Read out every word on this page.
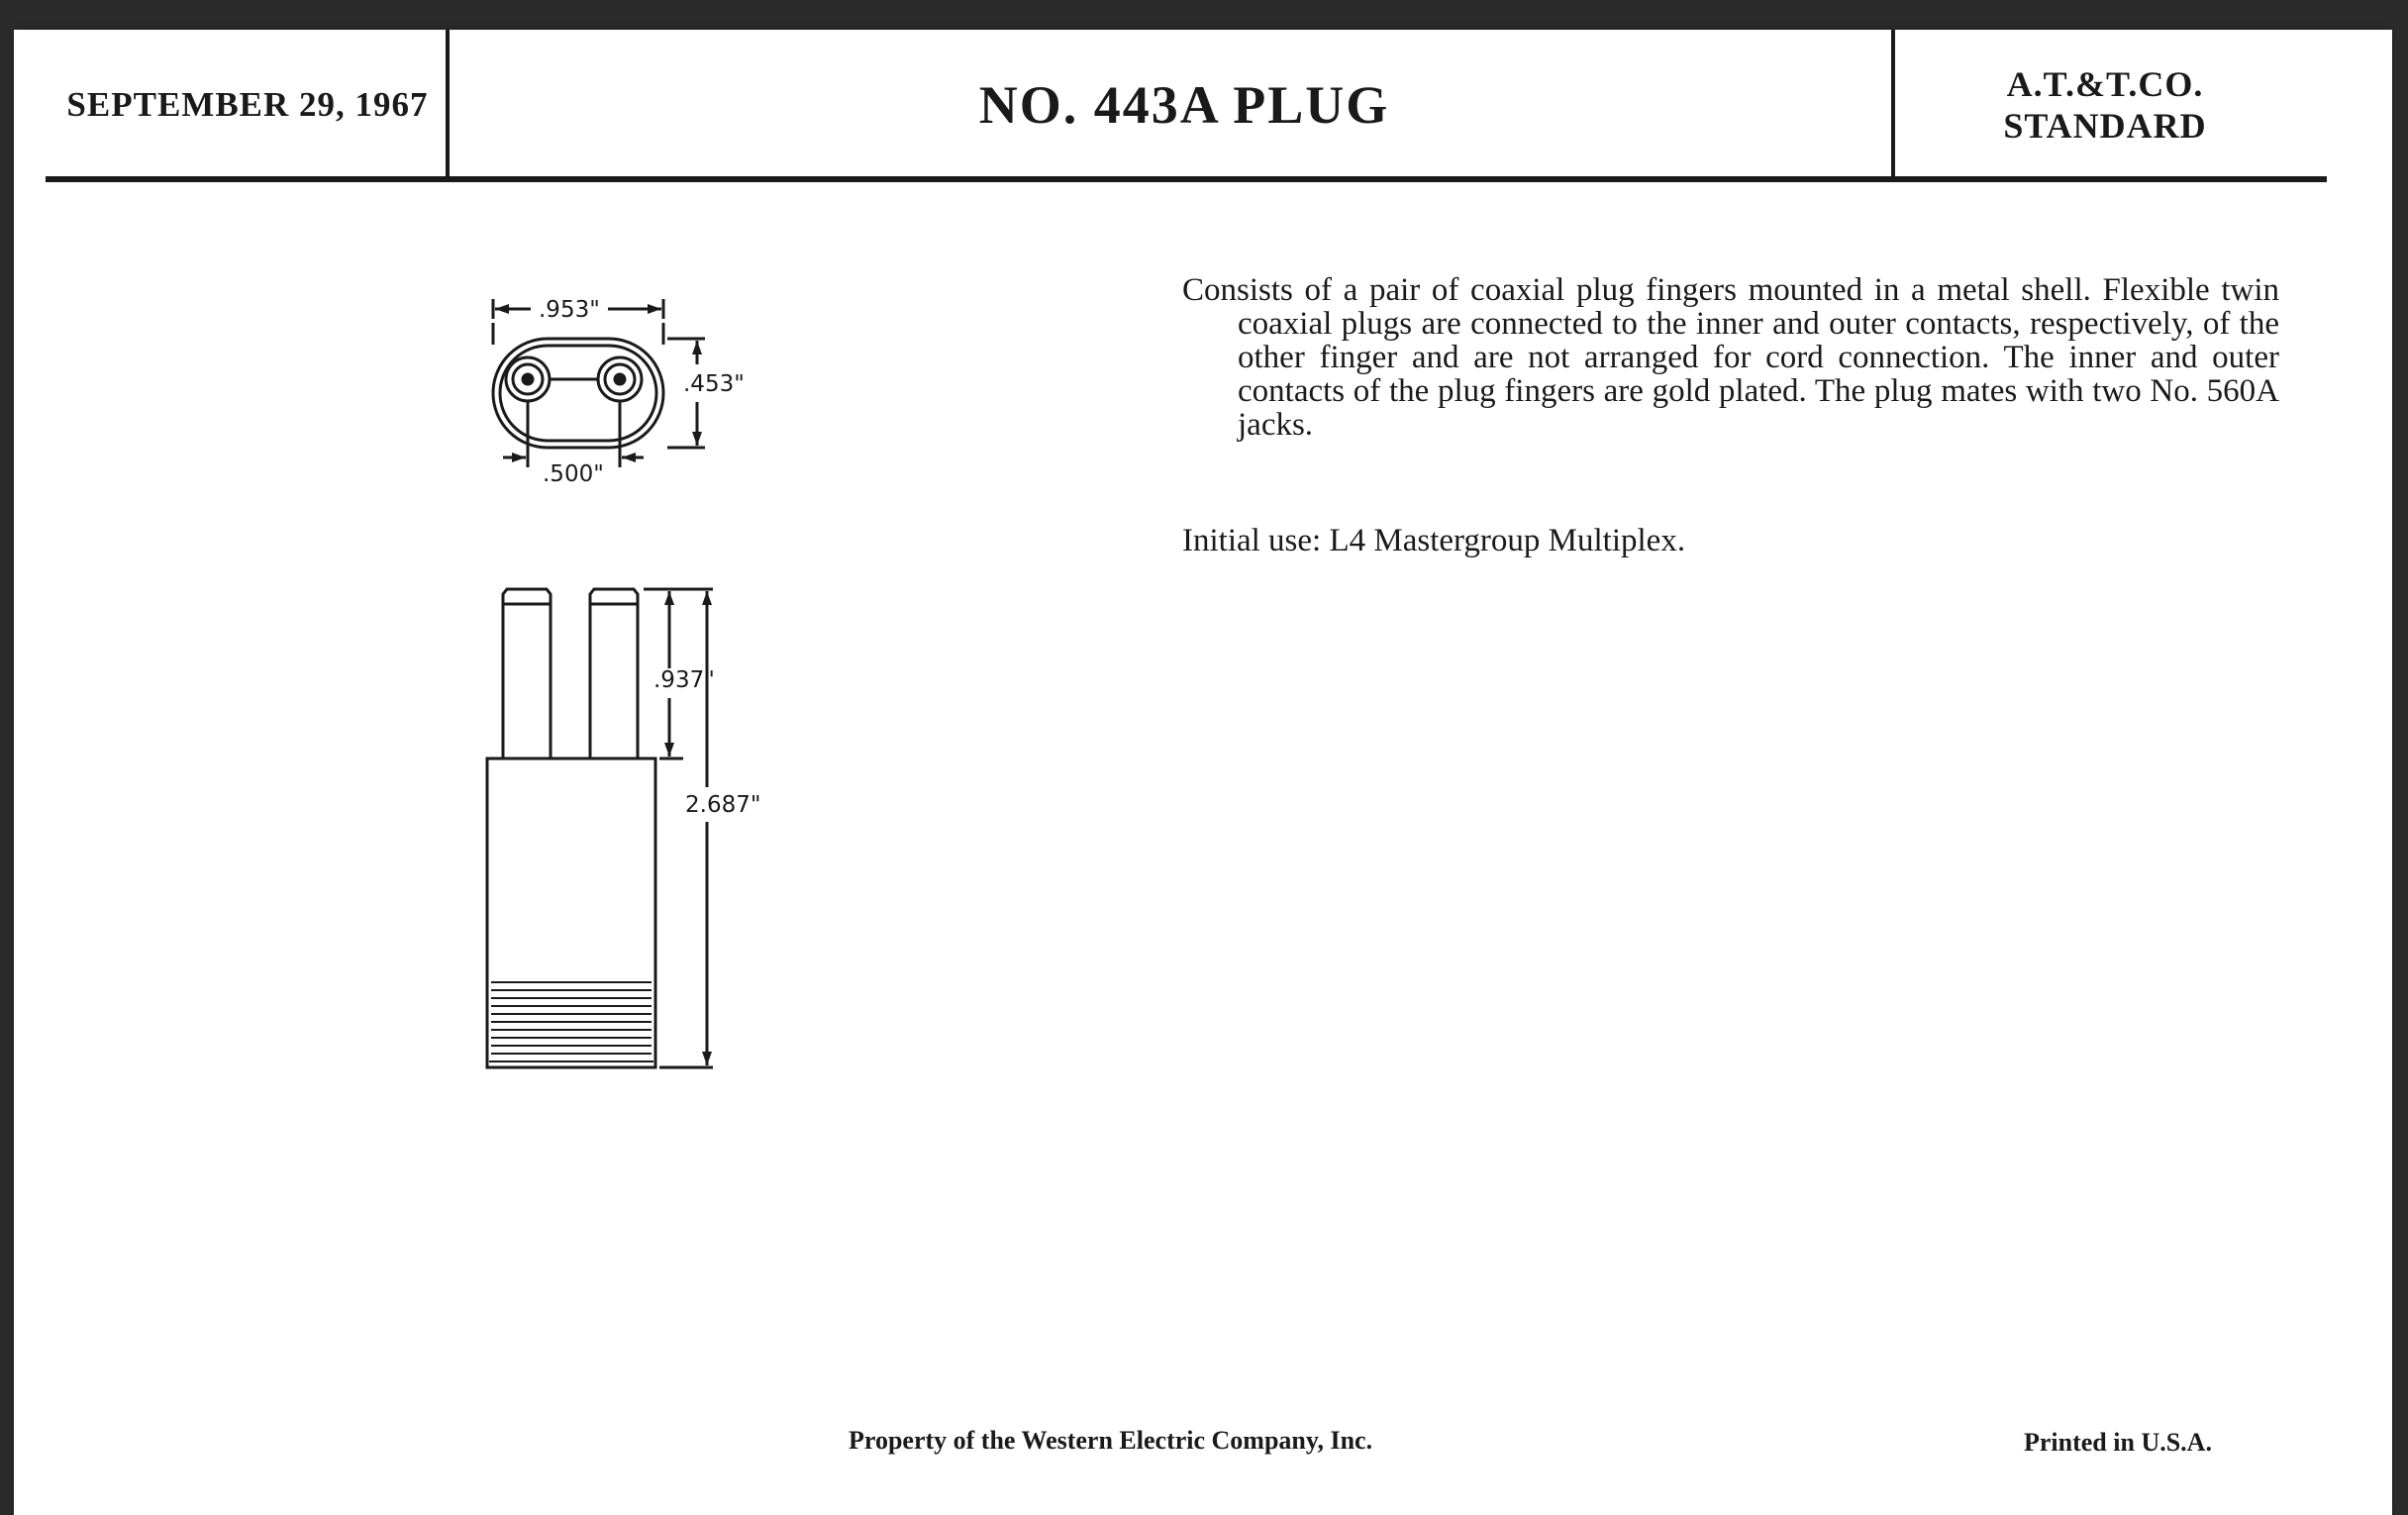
SEPTEMBER 29, 1967	NO. 443A PLUG	A.T.&T.CO.
STANDARD
.953"
.453"
.500"
.937"
2.687"

Consists of a pair of coaxial plug fingers mounted in a metal shell. Flexible twin coaxial plugs are connected to the inner and outer contacts, respectively, of the other finger and are not arranged for cord connection. The inner and outer contacts of the plug fingers are gold plated. The plug mates with two No. 560A jacks.

Initial use: L4 Mastergroup Multiplex.

Property of the Western Electric Company, Inc.	Printed in U.S.A.
